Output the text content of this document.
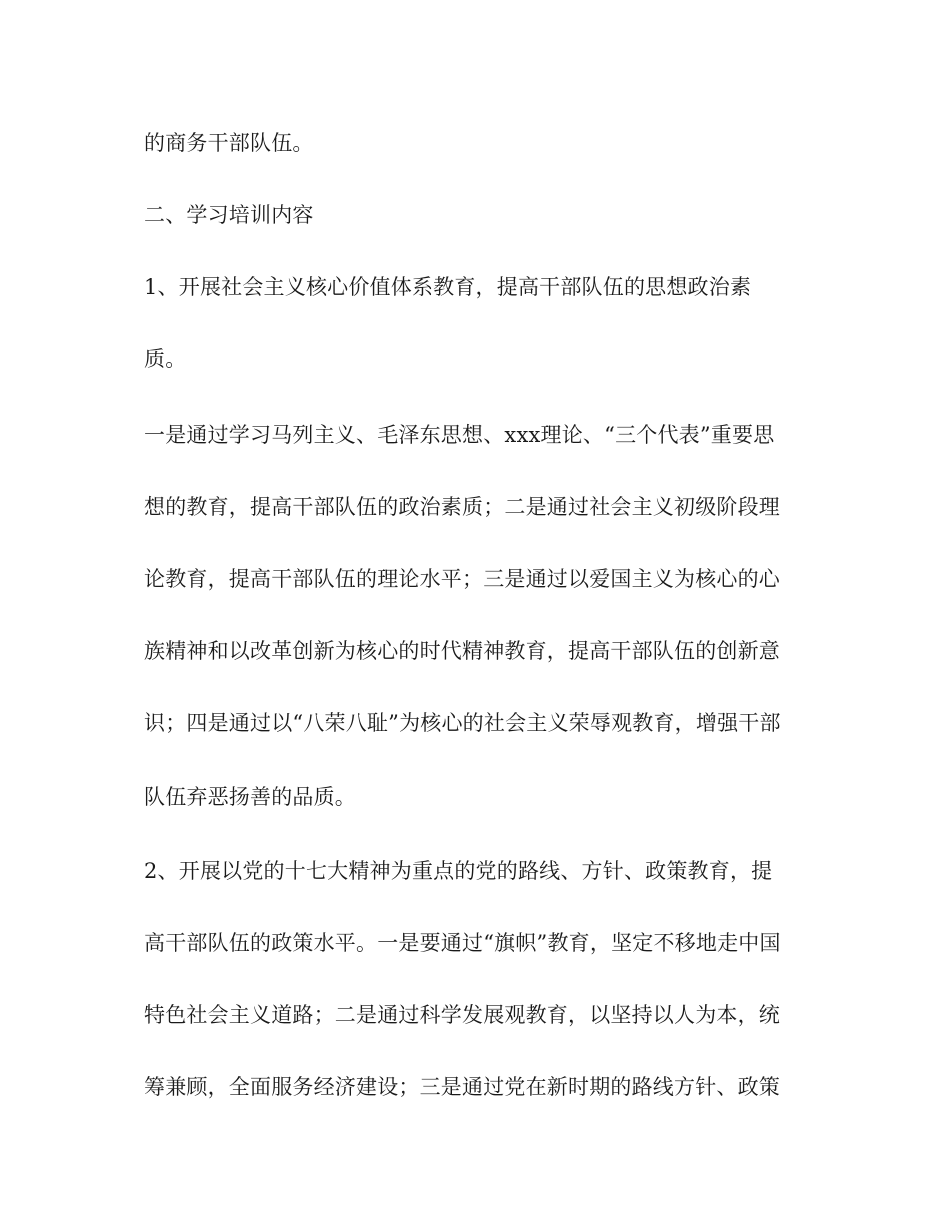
的商务干部队伍。
二、学习培训内容
1、开展社会主义核心价值体系教育，提高干部队伍的思想政治素
质。
一是通过学习马列主义、毛泽东思想、xxx理论、“三个代表”重要思
想的教育，提高干部队伍的政治素质；二是通过社会主义初级阶段理
论教育，提高干部队伍的理论水平；三是通过以爱国主义为核心的心
族精神和以改革创新为核心的时代精神教育，提高干部队伍的创新意
识；四是通过以“八荣八耻”为核心的社会主义荣辱观教育，增强干部
队伍弃恶扬善的品质。
2、开展以党的十七大精神为重点的党的路线、方针、政策教育，提
高干部队伍的政策水平。一是要通过“旗帜”教育，坚定不移地走中国
特色社会主义道路；二是通过科学发展观教育，以坚持以人为本，统
筹兼顾，全面服务经济建设；三是通过党在新时期的路线方针、政策
